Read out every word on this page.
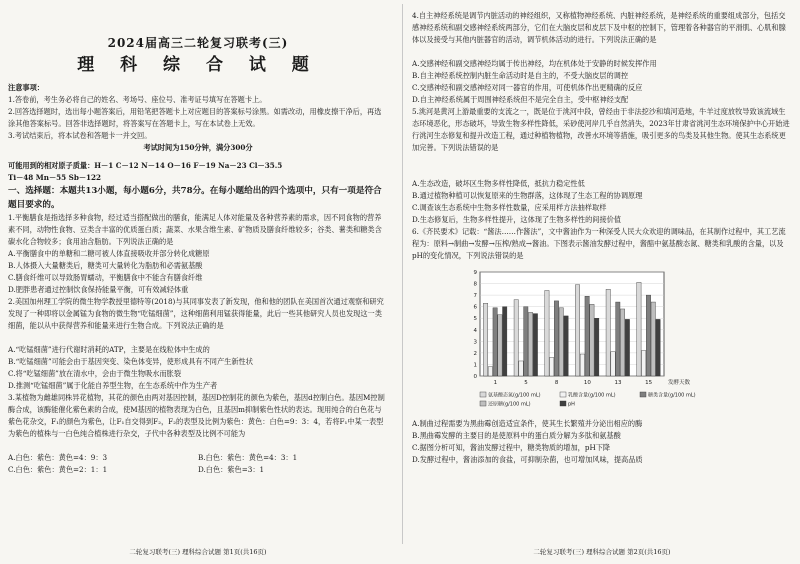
2024届高三二轮复习联考(三)
理 科 综 合 试 题
注意事项：
1.答卷前，考生务必将自己的姓名、考场号、座位号、准考证号填写在答题卡上。
2.回答选择题时，选出每小题答案后，用铅笔把答题卡上对应题目的答案标号涂黑。如需改动，用橡皮擦干净后，再选涂其他答案标号。回答非选择题时，将答案写在答题卡上，写在本试卷上无效。
3.考试结束后，将本试卷和答题卡一并交回。
考试时间为150分钟，满分300分
可能用到的相对原子质量：H－1 C－12 N－14 O－16 F－19 Na－23 Cl－35.5
Ti－48 Mn－55 Sb－122
一、选择题：本题共13小题，每小题6分，共78分。在每小题给出的四个选项中，只有一项是符合题目要求的。
1.平衡膳食是指选择多种食物，经过适当搭配做出的膳食，能满足人体对能量及各种营养素的需求，因不同食物的营养素不同，动物性食物、豆类含丰富的优质蛋白质；蔬菜、水果含维生素、矿物质及膳食纤维较多；谷类、薯类和糖类含碳水化合物较多；食用油含脂肪。下列说法正确的是
A.平衡膳食中的单糖和二糖可被人体直接吸收并部分转化成糖原
B.人体摄入大量糖类后，糖类可大量转化为脂肪和必需氨基酸
C.膳食纤维可以导致肠胃蠕动，平衡膳食中不能含有膳食纤维
D.肥胖患者通过控制饮食保持能量平衡，可有效减轻体重
2.美国加州理工学院的微生物学教授里德特等(2018)与其同事发表了新发现，他和他的团队在美国首次通过观察和研究发现了一种即将以金属锰为食物的微生物“吃锰细菌”，这种细菌利用锰获得能量，此后一些其他研究人员也发现这一类细菌，能以从中获得营养和能量来进行生物合成。下列说法正确的是
A.“吃锰细菌”进行代谢时消耗的ATP，主要是在线粒体中生成的
B.“吃锰细菌”可能会由于基因突变、染色体变异，使形成具有不同产生新性状
C.将“吃锰细菌”放在清水中，会由于微生物吸水而胀裂
D.推测“吃锰细菌”属于化能自养型生物，在生态系统中作为生产者
3.某植物为雌雄同株异花植物，其花的颜色由两对基因控制，基因D控制花的颜色为紫色，基因d控制白色。基因M控制酶合成，该酶能催化紫色素的合成，使M基因的植物表现为白色，且基因m抑制紫色性状的表达。现用纯合的白色花与紫色花杂交，F₁的颜色为紫色，让F₁自交得到F₂，F₂的表型及比例为紫色：黄色：白色=9：3：4，若将F₁中某一表型为紫色的植株与一白色纯合植株进行杂交，子代中各种表型及比例不可能为
A.白色：紫色：黄色=4：9：3	B.白色：紫色：黄色=4：3：1
C.白色：紫色：黄色=2：1：1	D.白色：紫色=3：1
二轮复习联考(三) 理科综合试题 第1页(共16页)
4.自主神经系统是调节内脏活动的神经组织，又称植物神经系统、内脏神经系统，是神经系统的重要组成部分，包括交感神经系统和副交感神经系统两部分，它们在大脑皮层和皮层下及中枢的控制下，管理着各种器官的平滑肌、心肌和腺体以及接受与其他内脏器官的活动，调节机体活动的进行。下列说法正确的是
A.交感神经和副交感神经均属于传出神经，均在机体处于安静的时候发挥作用
B.自主神经系统控制内脏生命活动时是自主的，不受大脑皮层的调控
C.交感神经和副交感神经对同一器官的作用，可使机体作出更精确的反应
D.自主神经系统属于周围神经系统但不是完全自主，受中枢神经支配
5.洮河是黄河上游最重要的支流之一，既是位于洮河中段，曾经由于非法挖沙和填河造地，牛羊过度放牧导致该流域生态环境恶化，形态破坏，导致生物多样性降低，采砂使河岸几乎自然消失，2023年甘肃省洮河生态环境保护中心开始进行洮河生态修复和提升改造工程，通过种植物植物，改善水环境等措施，吸引更多的鸟类及其他生物。使其生态系统更加完善。下列说法错误的是
A.生态改造，破坏区生物多样性降低，抵抗力稳定性低
B.通过植物种植可以恢复原来的生物群落，这体现了生态工程的协调原理
C.调查该生态系统中生物多样性数量，应采用样方法抽样取样
D.生态修复后，生物多样性提升，这体现了生物多样性的间接价值
6.《齐民要术》记载：“酱法……作酱法”，文中酱油作为一种深受人民大众欢迎的调味品，在其制作过程中，其工艺流程为：原料→制曲→发酵→压榨/熟成→酱油。下图表示酱油发酵过程中，酱醅中氨基酸态氮、糖类和乳酸的含量，以及pH的变化情况，下列说法错误的是
0
1
2
3
4
5
6
7
8
9
1	5	8	10	13	15	发酵天数
氨基酸态氮(g/100 mL)	乳酸含量(g/100 mL)	糖类含量(g/100 mL)
还原糖(g/100 mL)	pH
A.制曲过程需要为黑曲霉创造适宜条件，使其生长繁殖并分泌出相应的酶
B.黑曲霉发酵的主要目的是使原料中的蛋白质分解为多肽和氨基酸
C.据图分析可知，酱油发酵过程中，糖类物质的增加，pH下降
D.发酵过程中，酱油添加的食盐，可抑制杂菌，也可增加风味，提高品质
二轮复习联考(三) 理科综合试题 第2页(共16页)
